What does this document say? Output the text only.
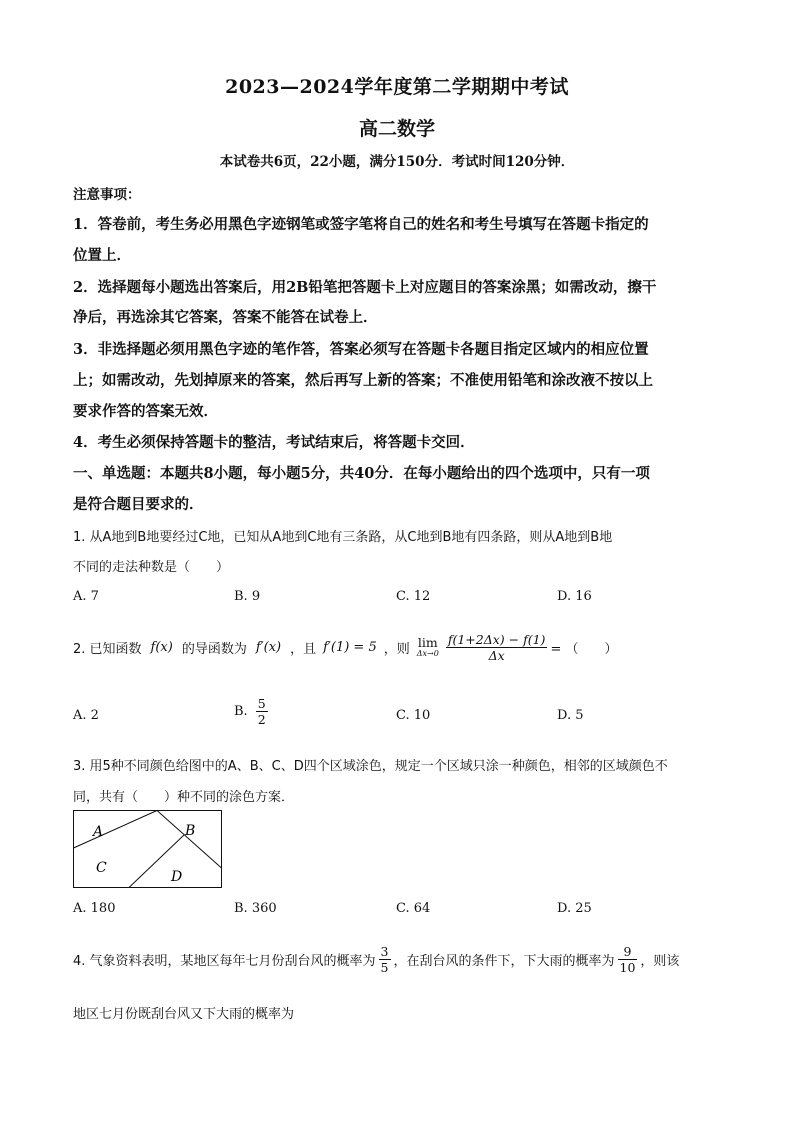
2023—2024学年度第二学期期中考试
高二数学
本试卷共6页，22小题，满分150分．考试时间120分钟．
注意事项：
1．答卷前，考生务必用黑色字迹钢笔或签字笔将自己的姓名和考生号填写在答题卡指定的
位置上．
2．选择题每小题选出答案后，用2B铅笔把答题卡上对应题目的答案涂黑；如需改动，擦干
净后，再选涂其它答案，答案不能答在试卷上．
3．非选择题必须用黑色字迹的笔作答，答案必须写在答题卡各题目指定区域内的相应位置
上；如需改动，先划掉原来的答案，然后再写上新的答案；不准使用铅笔和涂改液不按以上
要求作答的答案无效．
4．考生必须保持答题卡的整洁，考试结束后，将答题卡交回．
一、单选题：本题共8小题，每小题5分，共40分．在每小题给出的四个选项中，只有一项
是符合题目要求的．
1. 从A地到B地要经过C地，已知从A地到C地有三条路，从C地到B地有四条路，则从A地到B地
不同的走法种数是（　　）
A. 7	B. 9	C. 12	D. 16
2. 已知函数 f(x) 的导函数为 f′(x) ，且 f′(1) = 5 ，则 lim
$\Delta x\to 0 \frac{f(1+2\Delta x) - f(1)}{\Delta x}$ = （　　）
A. 2	B. $\frac{5}{2}$	C. 10	D. 5
3. 用5种不同颜色给图中的A、B、C、D四个区域涂色，规定一个区域只涂一种颜色，相邻的区域颜色不
同，共有（　　）种不同的涂色方案．
A	B
C
D
A. 180	B. 360	C. 64	D. 25
4. 气象资料表明，某地区每年七月份刮台风的概率为 $\frac{3}{5}$ ，在刮台风的条件下，下大雨的概率为 $\frac{9}{10}$ ，则该
地区七月份既刮台风又下大雨的概率为
